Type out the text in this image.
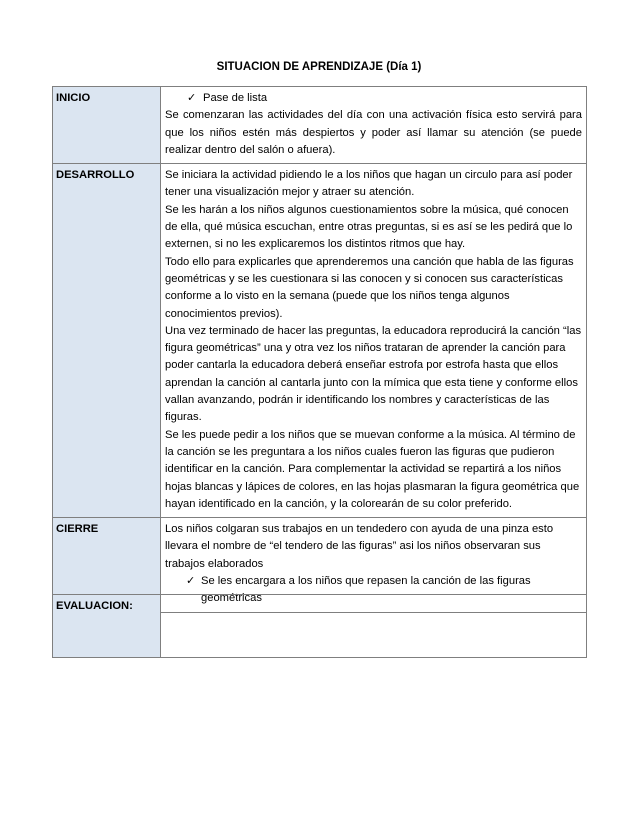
SITUACION DE APRENDIZAJE (Día 1)
INICIO	✓ Pase de lista

Se comenzaran las actividades del día con una activación física esto servirá para que los niños estén más despiertos y poder así llamar su atención (se puede realizar dentro del salón o afuera).

DESARROLLO	Se iniciara la actividad pidiendo le a los niños que hagan un circulo para así poder tener una visualización mejor y atraer su atención.

Se les harán a los niños algunos cuestionamientos sobre la música, qué conocen de ella, qué música escuchan, entre otras preguntas, si es así se les pedirá que lo externen, si no les explicaremos los distintos ritmos que hay.

Todo ello para explicarles que aprenderemos una canción que habla de las figuras geométricas y se les cuestionara si las conocen y si conocen sus características conforme a lo visto en la semana (puede que los niños tenga algunos conocimientos previos).

Una vez terminado de hacer las preguntas, la educadora reproducirá la canción “las figura geométricas” una y otra vez los niños trataran de aprender la canción para poder cantarla la educadora deberá enseñar estrofa por estrofa hasta que ellos aprendan la canción al cantarla junto con la mímica que esta tiene y conforme ellos vallan avanzando, podrán ir identificando los nombres y características de las figuras.

Se les puede pedir a los niños que se muevan conforme a la música. Al término de la canción se les preguntara a los niños cuales fueron las figuras que pudieron identificar en la canción. Para complementar la actividad se repartirá a los niños hojas blancas y lápices de colores, en las hojas plasmaran la figura geométrica que hayan identificado en la canción, y la colorearán de su color preferido.

CIERRE	Los niños colgaran sus trabajos en un tendedero con ayuda de una pinza esto llevara el nombre de “el tendero de las figuras” asi los niños observaran sus trabajos elaborados

✓ Se les encargara a los niños que repasen la canción de las figuras geométricas
EVALUACION:	
